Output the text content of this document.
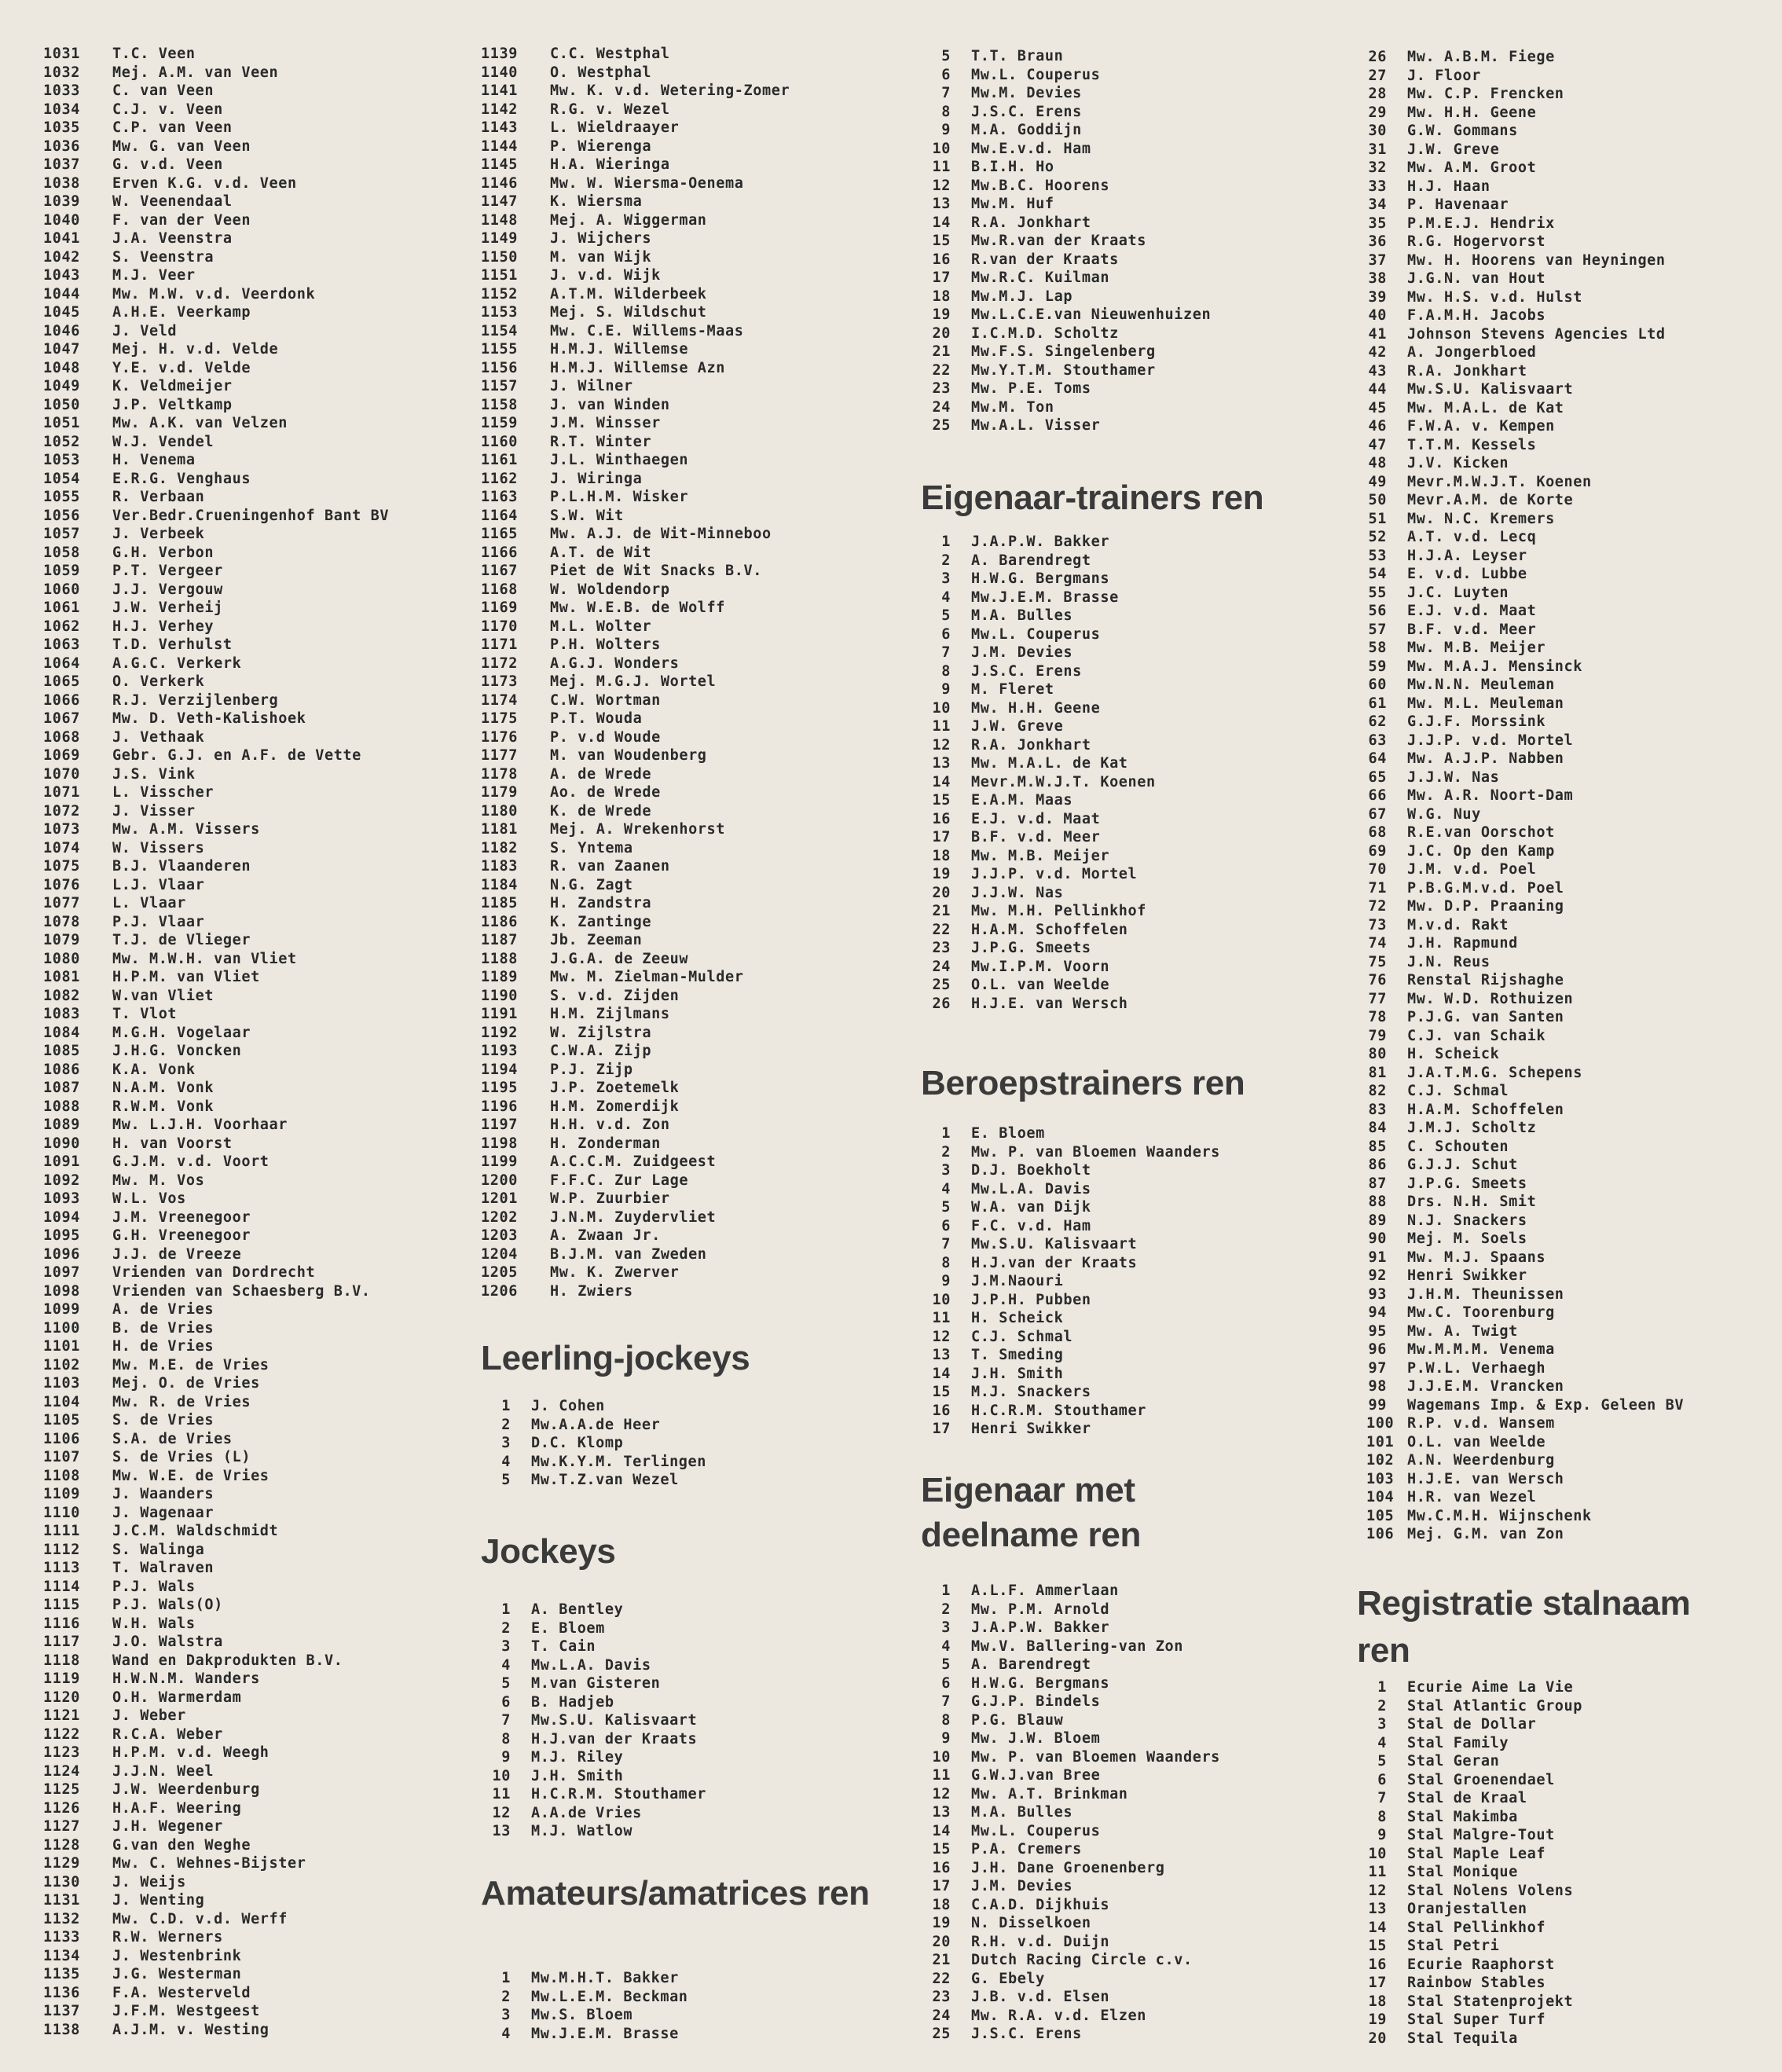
1031 T.C. Veen
1032 Mej. A.M. van Veen
1033 C. van Veen
1034 C.J. v. Veen
1035 C.P. van Veen
1036 Mw. G. van Veen
1037 G. v.d. Veen
1038 Erven K.G. v.d. Veen
1039 W. Veenendaal
1040 F. van der Veen
1041 J.A. Veenstra
1042 S. Veenstra
1043 M.J. Veer
1044 Mw. M.W. v.d. Veerdonk
1045 A.H.E. Veerkamp
1046 J. Veld
1047 Mej. H. v.d. Velde
1048 Y.E. v.d. Velde
1049 K. Veldmeijer
1050 J.P. Veltkamp
1051 Mw. A.K. van Velzen
1052 W.J. Vendel
1053 H. Venema
1054 E.R.G. Venghaus
1055 R. Verbaan
1056 Ver.Bedr.Crueningenhof Bant BV
1057 J. Verbeek
1058 G.H. Verbon
1059 P.T. Vergeer
1060 J.J. Vergouw
1061 J.W. Verheij
1062 H.J. Verhey
1063 T.D. Verhulst
1064 A.G.C. Verkerk
1065 O. Verkerk
1066 R.J. Verzijlenberg
1067 Mw. D. Veth-Kalishoek
1068 J. Vethaak
1069 Gebr. G.J. en A.F. de Vette
1070 J.S. Vink
1071 L. Visscher
1072 J. Visser
1073 Mw. A.M. Vissers
1074 W. Vissers
1075 B.J. Vlaanderen
1076 L.J. Vlaar
1077 L. Vlaar
1078 P.J. Vlaar
1079 T.J. de Vlieger
1080 Mw. M.W.H. van Vliet
1081 H.P.M. van Vliet
1082 W.van Vliet
1083 T. Vlot
1084 M.G.H. Vogelaar
1085 J.H.G. Voncken
1086 K.A. Vonk
1087 N.A.M. Vonk
1088 R.W.M. Vonk
1089 Mw. L.J.H. Voorhaar
1090 H. van Voorst
1091 G.J.M. v.d. Voort
1092 Mw. M. Vos
1093 W.L. Vos
1094 J.M. Vreenegoor
1095 G.H. Vreenegoor
1096 J.J. de Vreeze
1097 Vrienden van Dordrecht
1098 Vrienden van Schaesberg B.V.
1099 A. de Vries
1100 B. de Vries
1101 H. de Vries
1102 Mw. M.E. de Vries
1103 Mej. O. de Vries
1104 Mw. R. de Vries
1105 S. de Vries
1106 S.A. de Vries
1107 S. de Vries (L)
1108 Mw. W.E. de Vries
1109 J. Waanders
1110 J. Wagenaar
1111 J.C.M. Waldschmidt
1112 S. Walinga
1113 T. Walraven
1114 P.J. Wals
1115 P.J. Wals(O)
1116 W.H. Wals
1117 J.O. Walstra
1118 Wand en Dakprodukten B.V.
1119 H.W.N.M. Wanders
1120 O.H. Warmerdam
1121 J. Weber
1122 R.C.A. Weber
1123 H.P.M. v.d. Weegh
1124 J.J.N. Weel
1125 J.W. Weerdenburg
1126 H.A.F. Weering
1127 J.H. Wegener
1128 G.van den Weghe
1129 Mw. C. Wehnes-Bijster
1130 J. Weijs
1131 J. Wenting
1132 Mw. C.D. v.d. Werff
1133 R.W. Werners
1134 J. Westenbrink
1135 J.G. Westerman
1136 F.A. Westerveld
1137 J.F.M. Westgeest
1138 A.J.M. v. Westing
1139 C.C. Westphal
1140 O. Westphal
1141 Mw. K. v.d. Wetering-Zomer
1142 R.G. v. Wezel
1143 L. Wieldraayer
1144 P. Wierenga
1145 H.A. Wieringa
1146 Mw. W. Wiersma-Oenema
1147 K. Wiersma
1148 Mej. A. Wiggerman
1149 J. Wijchers
1150 M. van Wijk
1151 J. v.d. Wijk
1152 A.T.M. Wilderbeek
1153 Mej. S. Wildschut
1154 Mw. C.E. Willems-Maas
1155 H.M.J. Willemse
1156 H.M.J. Willemse Azn
1157 J. Wilner
1158 J. van Winden
1159 J.M. Winsser
1160 R.T. Winter
1161 J.L. Winthaegen
1162 J. Wiringa
1163 P.L.H.M. Wisker
1164 S.W. Wit
1165 Mw. A.J. de Wit-Minneboo
1166 A.T. de Wit
1167 Piet de Wit Snacks B.V.
1168 W. Woldendorp
1169 Mw. W.E.B. de Wolff
1170 M.L. Wolter
1171 P.H. Wolters
1172 A.G.J. Wonders
1173 Mej. M.G.J. Wortel
1174 C.W. Wortman
1175 P.T. Wouda
1176 P. v.d Woude
1177 M. van Woudenberg
1178 A. de Wrede
1179 Ao. de Wrede
1180 K. de Wrede
1181 Mej. A. Wrekenhorst
1182 S. Yntema
1183 R. van Zaanen
1184 N.G. Zagt
1185 H. Zandstra
1186 K. Zantinge
1187 Jb. Zeeman
1188 J.G.A. de Zeeuw
1189 Mw. M. Zielman-Mulder
1190 S. v.d. Zijden
1191 H.M. Zijlmans
1192 W. Zijlstra
1193 C.W.A. Zijp
1194 P.J. Zijp
1195 J.P. Zoetemelk
1196 H.M. Zomerdijk
1197 H.H. v.d. Zon
1198 H. Zonderman
1199 A.C.C.M. Zuidgeest
1200 F.F.C. Zur Lage
1201 W.P. Zuurbier
1202 J.N.M. Zuydervliet
1203 A. Zwaan Jr.
1204 B.J.M. van Zweden
1205 Mw. K. Zwerver
1206 H. Zwiers
Leerling-jockeys
1 J. Cohen
2 Mw.A.A.de Heer
3 D.C. Klomp
4 Mw.K.Y.M. Terlingen
5 Mw.T.Z.van Wezel
Jockeys
1 A. Bentley
2 E. Bloem
3 T. Cain
4 Mw.L.A. Davis
5 M.van Gisteren
6 B. Hadjeb
7 Mw.S.U. Kalisvaart
8 H.J.van der Kraats
9 M.J. Riley
10 J.H. Smith
11 H.C.R.M. Stouthamer
12 A.A.de Vries
13 M.J. Watlow
Amateurs/amatrices ren
1 Mw.M.H.T. Bakker
2 Mw.L.E.M. Beckman
3 Mw.S. Bloem
4 Mw.J.E.M. Brasse
5 T.T. Braun
6 Mw.L. Couperus
7 Mw.M. Devies
8 J.S.C. Erens
9 M.A. Goddijn
10 Mw.E.v.d. Ham
11 B.I.H. Ho
12 Mw.B.C. Hoorens
13 Mw.M. Huf
14 R.A. Jonkhart
15 Mw.R.van der Kraats
16 R.van der Kraats
17 Mw.R.C. Kuilman
18 Mw.M.J. Lap
19 Mw.L.C.E.van Nieuwenhuizen
20 I.C.M.D. Scholtz
21 Mw.F.S. Singelenberg
22 Mw.Y.T.M. Stouthamer
23 Mw. P.E. Toms
24 Mw.M. Ton
25 Mw.A.L. Visser
Eigenaar-trainers ren
1 J.A.P.W. Bakker
2 A. Barendregt
3 H.W.G. Bergmans
4 Mw.J.E.M. Brasse
5 M.A. Bulles
6 Mw.L. Couperus
7 J.M. Devies
8 J.S.C. Erens
9 M. Fleret
10 Mw. H.H. Geene
11 J.W. Greve
12 R.A. Jonkhart
13 Mw. M.A.L. de Kat
14 Mevr.M.W.J.T. Koenen
15 E.A.M. Maas
16 E.J. v.d. Maat
17 B.F. v.d. Meer
18 Mw. M.B. Meijer
19 J.J.P. v.d. Mortel
20 J.J.W. Nas
21 Mw. M.H. Pellinkhof
22 H.A.M. Schoffelen
23 J.P.G. Smeets
24 Mw.I.P.M. Voorn
25 O.L. van Weelde
26 H.J.E. van Wersch
Beroepstrainers ren
1 E. Bloem
2 Mw. P. van Bloemen Waanders
3 D.J. Boekholt
4 Mw.L.A. Davis
5 W.A. van Dijk
6 F.C. v.d. Ham
7 Mw.S.U. Kalisvaart
8 H.J.van der Kraats
9 J.M.Naouri
10 J.P.H. Pubben
11 H. Scheick
12 C.J. Schmal
13 T. Smeding
14 J.H. Smith
15 M.J. Snackers
16 H.C.R.M. Stouthamer
17 Henri Swikker
Eigenaar met
deelname ren
1 A.L.F. Ammerlaan
2 Mw. P.M. Arnold
3 J.A.P.W. Bakker
4 Mw.V. Ballering-van Zon
5 A. Barendregt
6 H.W.G. Bergmans
7 G.J.P. Bindels
8 P.G. Blauw
9 Mw. J.W. Bloem
10 Mw. P. van Bloemen Waanders
11 G.W.J.van Bree
12 Mw. A.T. Brinkman
13 M.A. Bulles
14 Mw.L. Couperus
15 P.A. Cremers
16 J.H. Dane Groenenberg
17 J.M. Devies
18 C.A.D. Dijkhuis
19 N. Disselkoen
20 R.H. v.d. Duijn
21 Dutch Racing Circle c.v.
22 G. Ebely
23 J.B. v.d. Elsen
24 Mw. R.A. v.d. Elzen
25 J.S.C. Erens
26 Mw. A.B.M. Fiege
27 J. Floor
28 Mw. C.P. Frencken
29 Mw. H.H. Geene
30 G.W. Gommans
31 J.W. Greve
32 Mw. A.M. Groot
33 H.J. Haan
34 P. Havenaar
35 P.M.E.J. Hendrix
36 R.G. Hogervorst
37 Mw. H. Hoorens van Heyningen
38 J.G.N. van Hout
39 Mw. H.S. v.d. Hulst
40 F.A.M.H. Jacobs
41 Johnson Stevens Agencies Ltd
42 A. Jongerbloed
43 R.A. Jonkhart
44 Mw.S.U. Kalisvaart
45 Mw. M.A.L. de Kat
46 F.W.A. v. Kempen
47 T.T.M. Kessels
48 J.V. Kicken
49 Mevr.M.W.J.T. Koenen
50 Mevr.A.M. de Korte
51 Mw. N.C. Kremers
52 A.T. v.d. Lecq
53 H.J.A. Leyser
54 E. v.d. Lubbe
55 J.C. Luyten
56 E.J. v.d. Maat
57 B.F. v.d. Meer
58 Mw. M.B. Meijer
59 Mw. M.A.J. Mensinck
60 Mw.N.N. Meuleman
61 Mw. M.L. Meuleman
62 G.J.F. Morssink
63 J.J.P. v.d. Mortel
64 Mw. A.J.P. Nabben
65 J.J.W. Nas
66 Mw. A.R. Noort-Dam
67 W.G. Nuy
68 R.E.van Oorschot
69 J.C. Op den Kamp
70 J.M. v.d. Poel
71 P.B.G.M.v.d. Poel
72 Mw. D.P. Praaning
73 M.v.d. Rakt
74 J.H. Rapmund
75 J.N. Reus
76 Renstal Rijshaghe
77 Mw. W.D. Rothuizen
78 P.J.G. van Santen
79 C.J. van Schaik
80 H. Scheick
81 J.A.T.M.G. Schepens
82 C.J. Schmal
83 H.A.M. Schoffelen
84 J.M.J. Scholtz
85 C. Schouten
86 G.J.J. Schut
87 J.P.G. Smeets
88 Drs. N.H. Smit
89 N.J. Snackers
90 Mej. M. Soels
91 Mw. M.J. Spaans
92 Henri Swikker
93 J.H.M. Theunissen
94 Mw.C. Toorenburg
95 Mw. A. Twigt
96 Mw.M.M.M. Venema
97 P.W.L. Verhaegh
98 J.J.E.M. Vrancken
99 Wagemans Imp. & Exp. Geleen BV
100 R.P. v.d. Wansem
101 O.L. van Weelde
102 A.N. Weerdenburg
103 H.J.E. van Wersch
104 H.R. van Wezel
105 Mw.C.M.H. Wijnschenk
106 Mej. G.M. van Zon
Registratie stalnaam
ren
1 Ecurie Aime La Vie
2 Stal Atlantic Group
3 Stal de Dollar
4 Stal Family
5 Stal Geran
6 Stal Groenendael
7 Stal de Kraal
8 Stal Makimba
9 Stal Malgre-Tout
10 Stal Maple Leaf
11 Stal Monique
12 Stal Nolens Volens
13 Oranjestallen
14 Stal Pellinkhof
15 Stal Petri
16 Ecurie Raaphorst
17 Rainbow Stables
18 Stal Statenprojekt
19 Stal Super Turf
20 Stal Tequila
